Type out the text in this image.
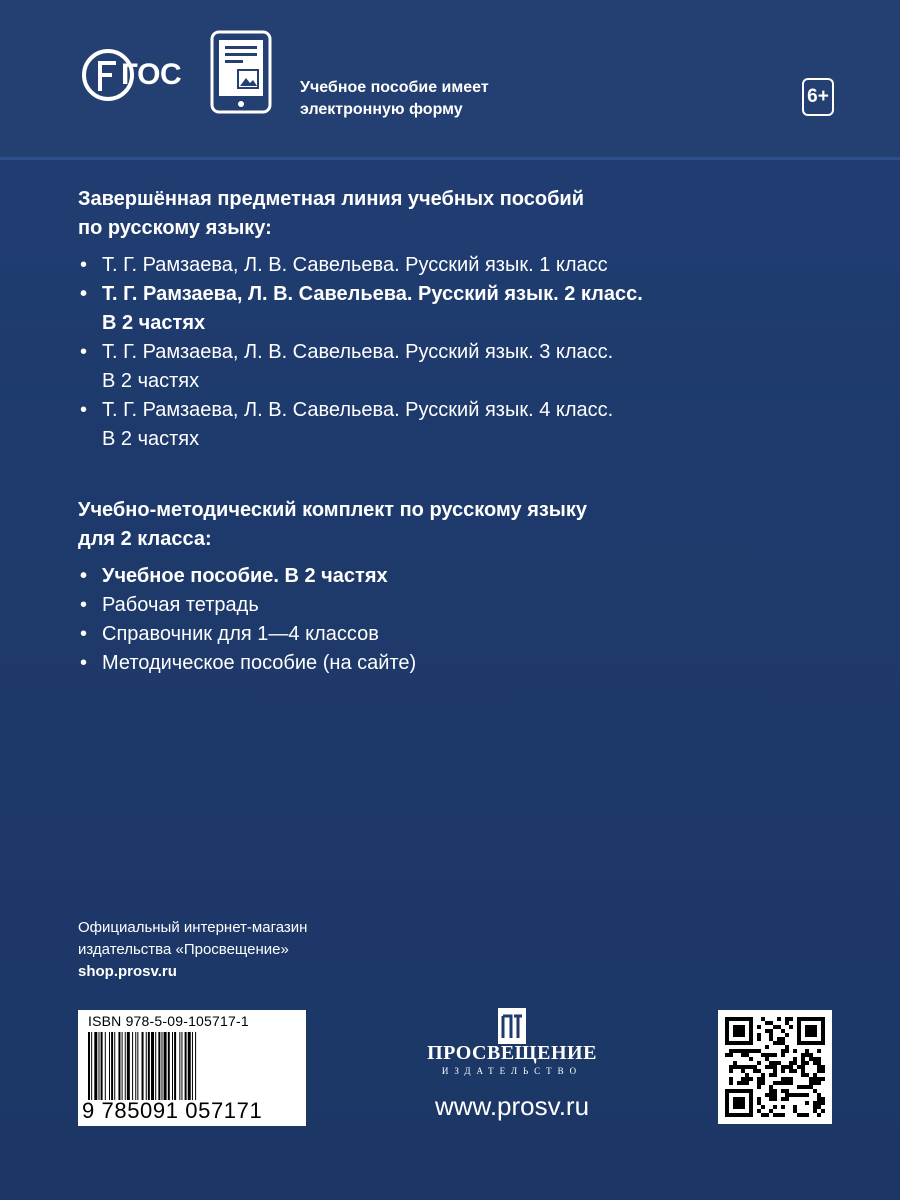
ГОС	Учебное пособие имеет
электронную форму
6+
Завершённая предметная линия учебных пособий
по русскому языку:
• Т. Г. Рамзаева, Л. В. Савельева. Русский язык. 1 класс
• Т. Г. Рамзаева, Л. В. Савельева. Русский язык. 2 класс.
В 2 частях
• Т. Г. Рамзаева, Л. В. Савельева. Русский язык. 3 класс.
В 2 частях
• Т. Г. Рамзаева, Л. В. Савельева. Русский язык. 4 класс.
В 2 частях
Учебно-методический комплект по русскому языку
для 2 класса:
• Учебное пособие. В 2 частях
• Рабочая тетрадь
• Справочник для 1—4 классов
• Методическое пособие (на сайте)
Официальный интернет-магазин
издательства «Просвещение»
shop.prosv.ru
ISBN 978-5-09-105717-1
9 785091 057171
ПРОСВЕЩЕНИЕ
ИЗДАТЕЛЬСТВО
www.prosv.ru
